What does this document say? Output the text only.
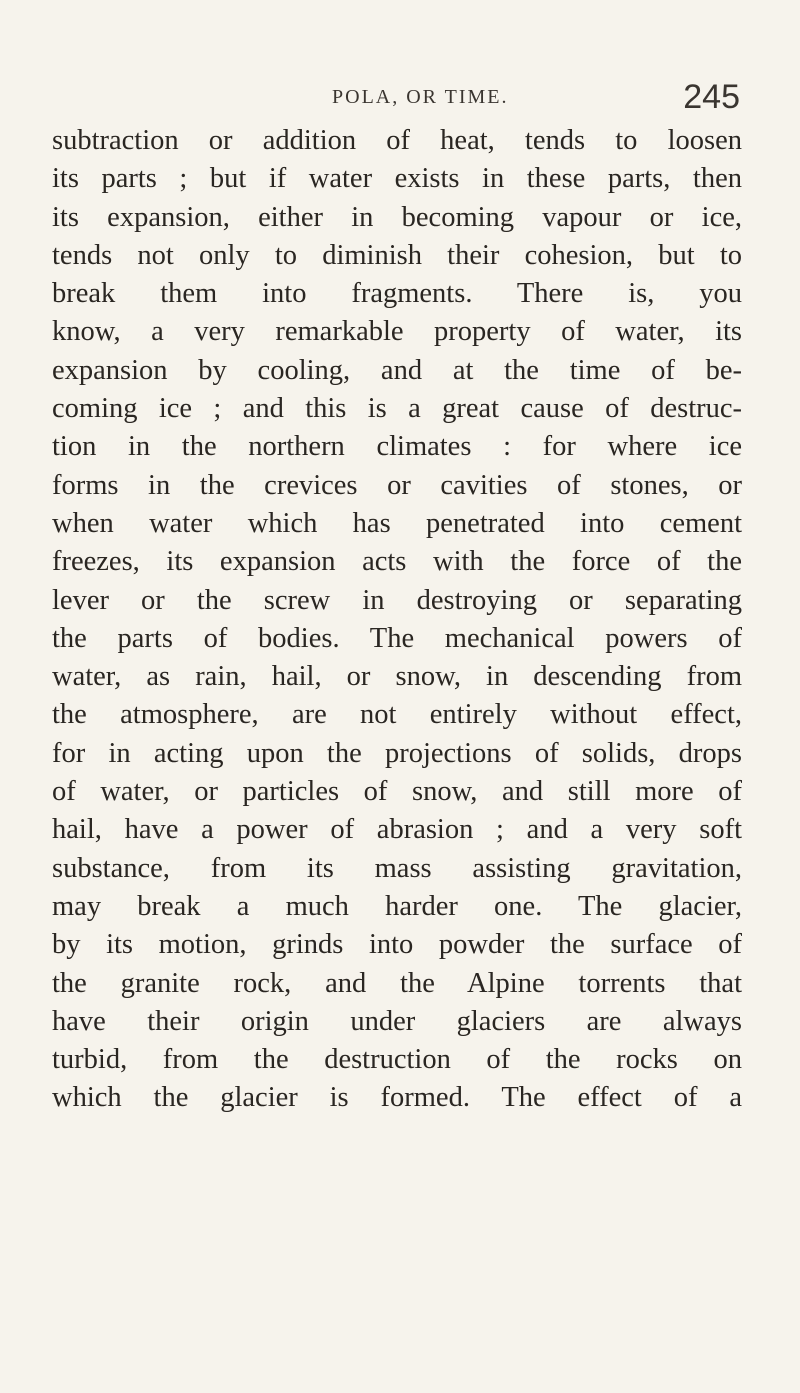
POLA, OR TIME.	245
subtraction or addition of heat, tends to loosen
its parts ; but if water exists in these parts, then
its expansion, either in becoming vapour or ice,
tends not only to diminish their cohesion, but to
break them into fragments. There is, you
know, a very remarkable property of water, its
expansion by cooling, and at the time of be-
coming ice ; and this is a great cause of destruc-
tion in the northern climates : for where ice
forms in the crevices or cavities of stones, or
when water which has penetrated into cement
freezes, its expansion acts with the force of the
lever or the screw in destroying or separating
the parts of bodies. The mechanical powers of
water, as rain, hail, or snow, in descending from
the atmosphere, are not entirely without effect,
for in acting upon the projections of solids, drops
of water, or particles of snow, and still more of
hail, have a power of abrasion ; and a very soft
substance, from its mass assisting gravitation,
may break a much harder one. The glacier,
by its motion, grinds into powder the surface of
the granite rock, and the Alpine torrents that
have their origin under glaciers are always
turbid, from the destruction of the rocks on
which the glacier is formed. The effect of a
